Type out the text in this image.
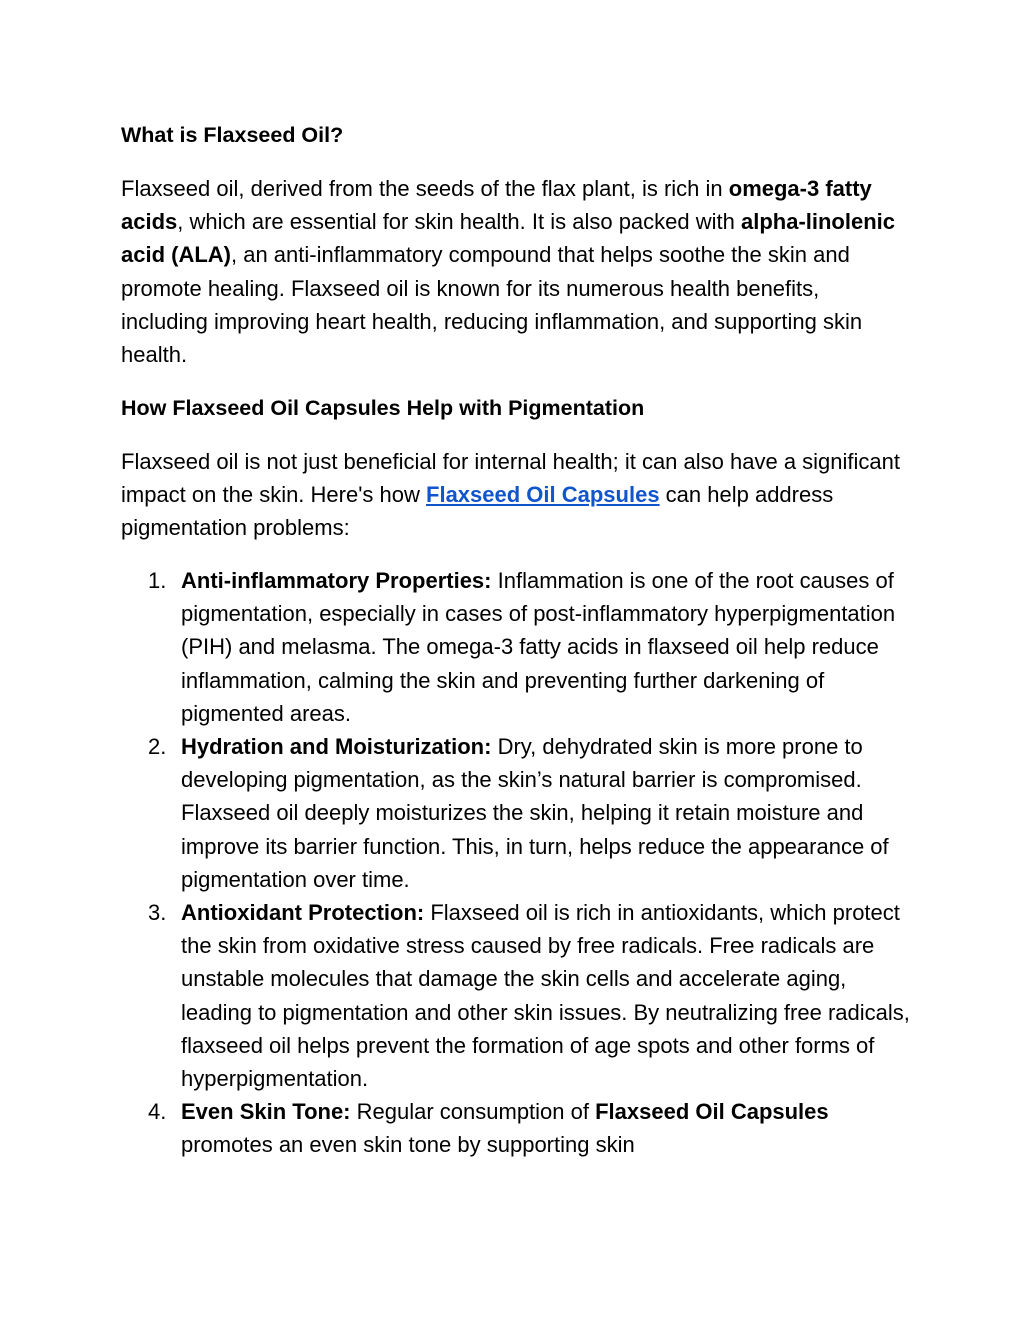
What is Flaxseed Oil?

Flaxseed oil, derived from the seeds of the flax plant, is rich in omega-3 fatty acids, which are essential for skin health. It is also packed with alpha-linolenic acid (ALA), an anti-inflammatory compound that helps soothe the skin and promote healing. Flaxseed oil is known for its numerous health benefits, including improving heart health, reducing inflammation, and supporting skin health.

How Flaxseed Oil Capsules Help with Pigmentation

Flaxseed oil is not just beneficial for internal health; it can also have a significant impact on the skin. Here's how Flaxseed Oil Capsules can help address pigmentation problems:

1. Anti-inflammatory Properties: Inflammation is one of the root causes of pigmentation, especially in cases of post-inflammatory hyperpigmentation (PIH) and melasma. The omega-3 fatty acids in flaxseed oil help reduce inflammation, calming the skin and preventing further darkening of pigmented areas.
2. Hydration and Moisturization: Dry, dehydrated skin is more prone to developing pigmentation, as the skin’s natural barrier is compromised. Flaxseed oil deeply moisturizes the skin, helping it retain moisture and improve its barrier function. This, in turn, helps reduce the appearance of pigmentation over time.
3. Antioxidant Protection: Flaxseed oil is rich in antioxidants, which protect the skin from oxidative stress caused by free radicals. Free radicals are unstable molecules that damage the skin cells and accelerate aging, leading to pigmentation and other skin issues. By neutralizing free radicals, flaxseed oil helps prevent the formation of age spots and other forms of hyperpigmentation.
4. Even Skin Tone: Regular consumption of Flaxseed Oil Capsules promotes an even skin tone by supporting skin
